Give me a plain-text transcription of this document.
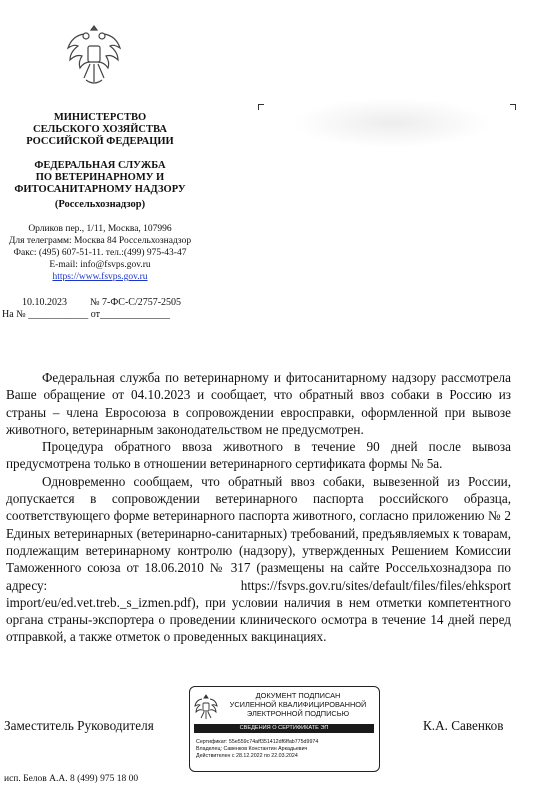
МИНИСТЕРСТВО
СЕЛЬСКОГО ХОЗЯЙСТВА
РОССИЙСКОЙ ФЕДЕРАЦИИ
ФЕДЕРАЛЬНАЯ СЛУЖБА
ПО ВЕТЕРИНАРНОМУ И
ФИТОСАНИТАРНОМУ НАДЗОРУ
(Россельхознадзор)
Орликов пер., 1/11, Москва, 107996
Для телеграмм: Москва 84 Россельхознадзор
Факс: (495) 607-51-11. тел.:(499) 975-43-47
E-mail: info@fsvps.gov.ru
https://www.fsvps.gov.ru
10.10.2023 № 7-ФС-С/2757-2505
На № ____________ от______________

Федеральная служба по ветеринарному и фитосанитарному надзору рассмотрела Ваше обращение от 04.10.2023 и сообщает, что обратный ввоз собаки в Россию из страны – члена Евросоюза в сопровождении евросправки, оформленной при вывозе животного, ветеринарным законодательством не предусмотрен.

Процедура обратного ввоза животного в течение 90 дней после вывоза предусмотрена только в отношении ветеринарного сертификата формы № 5а.

Одновременно сообщаем, что обратный ввоз собаки, вывезенной из России, допускается в сопровождении ветеринарного паспорта российского образца, соответствующего форме ветеринарного паспорта животного, согласно приложению № 2 Единых ветеринарных (ветеринарно-санитарных) требований, предъявляемых к товарам, подлежащим ветеринарному контролю (надзору), утвержденных Решением Комиссии Таможенного союза от 18.06.2010 № 317 (размещены на сайте Россельхознадзора по адресу: https://fsvps.gov.ru/sites/default/files/files/ehksport import/eu/ed.vet.treb._s_izmen.pdf), при условии наличия в нем отметки компетентного органа страны-экспортера о проведении клинического осмотра в течение 14 дней перед отправкой, а также отметок о проведенных вакцинациях.

Заместитель Руководителя	К.А. Савенков
ДОКУМЕНТ ПОДПИСАН
УСИЛЕННОЙ КВАЛИФИЦИРОВАННОЙ
ЭЛЕКТРОННОЙ ПОДПИСЬЮ
СВЕДЕНИЯ О СЕРТИФИКАТЕ ЭП
Сертификат: 55e559c74aff351412df6ffab775d9974
Владелец: Савенков Константин Аркадьевич
Действителен с 28.12.2022 по 22.03.2024
исп. Белов А.А. 8 (499) 975 18 00
